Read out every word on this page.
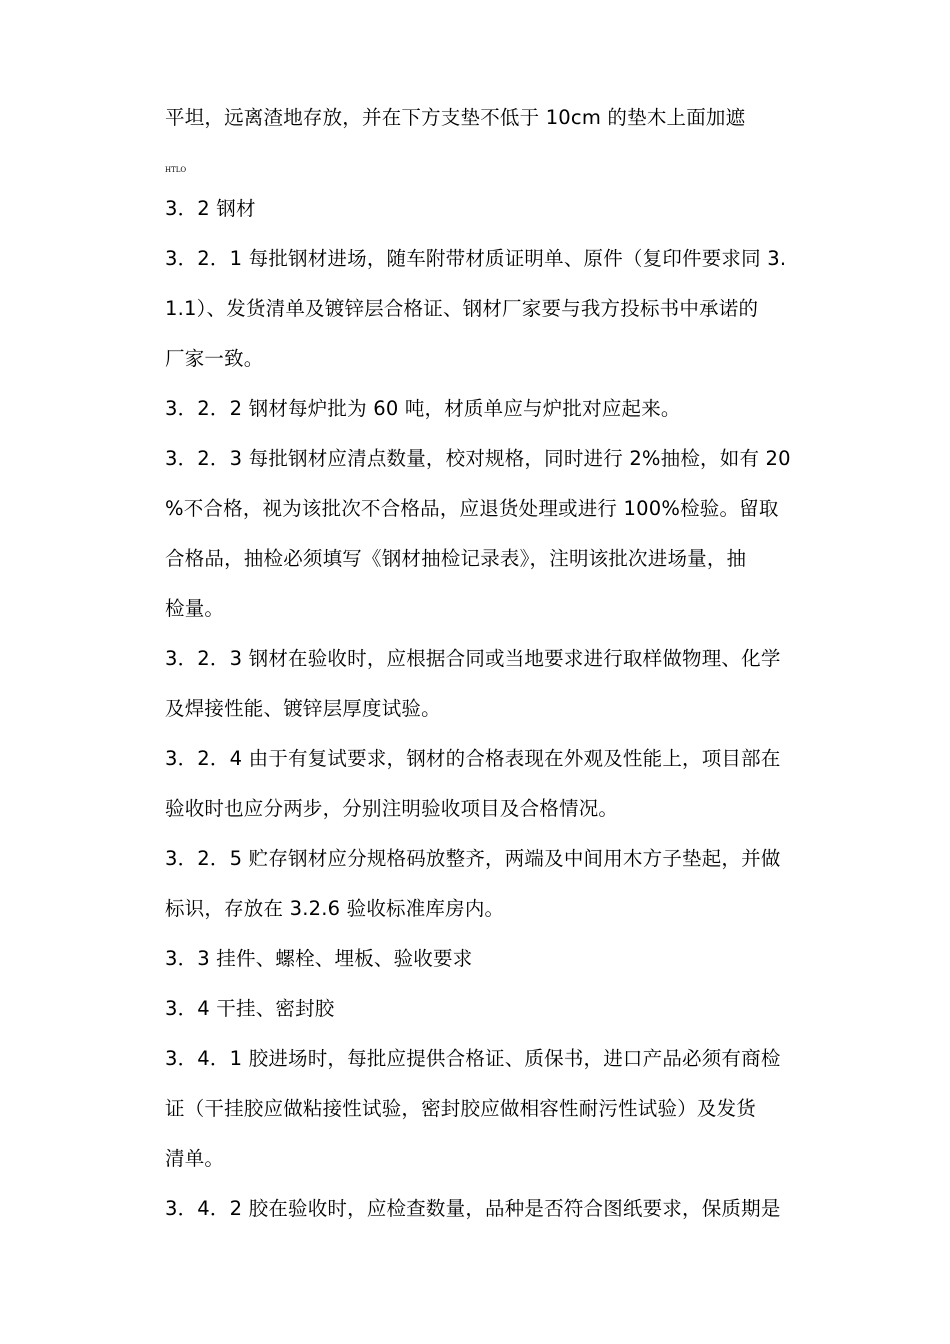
平坦，远离渣地存放，并在下方支垫不低于 10cm 的垫木上面加遮
HTLO
3．2 钢材
3．2．1 每批钢材进场，随车附带材质证明单、原件（复印件要求同 3.
1.1）、发货清单及镀锌层合格证、钢材厂家要与我方投标书中承诺的
厂家一致。
3．2．2 钢材每炉批为 60 吨，材质单应与炉批对应起来。
3．2．3 每批钢材应清点数量，校对规格，同时进行 2%抽检，如有 20
%不合格，视为该批次不合格品，应退货处理或进行 100%检验。留取
合格品，抽检必须填写《钢材抽检记录表》，注明该批次进场量，抽
检量。
3．2．3 钢材在验收时，应根据合同或当地要求进行取样做物理、化学
及焊接性能、镀锌层厚度试验。
3．2．4 由于有复试要求，钢材的合格表现在外观及性能上，项目部在
验收时也应分两步，分别注明验收项目及合格情况。
3．2．5 贮存钢材应分规格码放整齐，两端及中间用木方子垫起，并做
标识，存放在 3.2.6 验收标准库房内。
3．3 挂件、螺栓、埋板、验收要求
3．4 干挂、密封胶
3．4．1 胶进场时，每批应提供合格证、质保书，进口产品必须有商检
证（干挂胶应做粘接性试验，密封胶应做相容性耐污性试验）及发货
清单。
3．4．2 胶在验收时，应检查数量，品种是否符合图纸要求，保质期是
